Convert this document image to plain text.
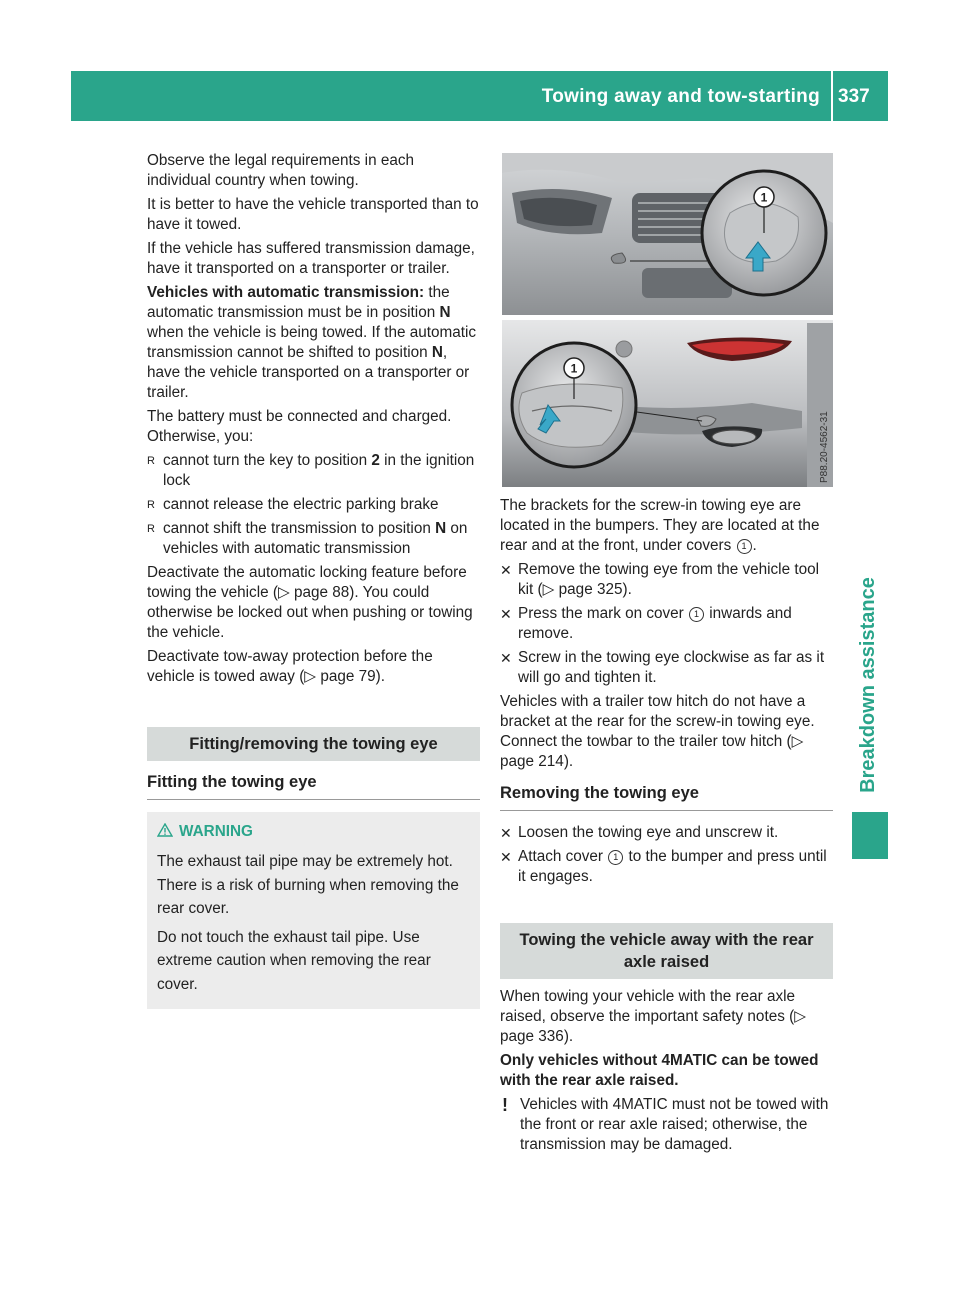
Towing away and tow-starting 337
Breakdown assistance

Observe the legal requirements in each individual country when towing.

It is better to have the vehicle transported than to have it towed.

If the vehicle has suffered transmission damage, have it transported on a transporter or trailer.

Vehicles with automatic transmission: the automatic transmission must be in position N when the vehicle is being towed. If the automatic transmission cannot be shifted to position N, have the vehicle transported on a transporter or trailer.

The battery must be connected and charged. Otherwise, you:

R cannot turn the key to position 2 in the ignition lock
R cannot release the electric parking brake
R cannot shift the transmission to position N on vehicles with automatic transmission

Deactivate the automatic locking feature before towing the vehicle (▷ page 88). You could otherwise be locked out when pushing or towing the vehicle.

Deactivate tow-away protection before the vehicle is towed away (▷ page 79).

Fitting/removing the towing eye
Fitting the towing eye
WARNING

The exhaust tail pipe may be extremely hot. There is a risk of burning when removing the rear cover.

Do not touch the exhaust tail pipe. Use extreme caution when removing the rear cover.

1
1
P88.20-4562-31

The brackets for the screw-in towing eye are located in the bumpers. They are located at the rear and at the front, under covers 1 .

✕ Remove the towing eye from the vehicle tool kit (▷ page 325).
✕ Press the mark on cover 1 inwards and remove.
✕ Screw in the towing eye clockwise as far as it will go and tighten it.

Vehicles with a trailer tow hitch do not have a bracket at the rear for the screw-in towing eye. Connect the towbar to the trailer tow hitch (▷ page 214).

Removing the towing eye
✕ Loosen the towing eye and unscrew it.
✕ Attach cover 1 to the bumper and press until it engages.
Towing the vehicle away with the rear axle raised

When towing your vehicle with the rear axle raised, observe the important safety notes (▷ page 336).

Only vehicles without 4MATIC can be towed with the rear axle raised.

! Vehicles with 4MATIC must not be towed with the front or rear axle raised; otherwise, the transmission may be damaged.
